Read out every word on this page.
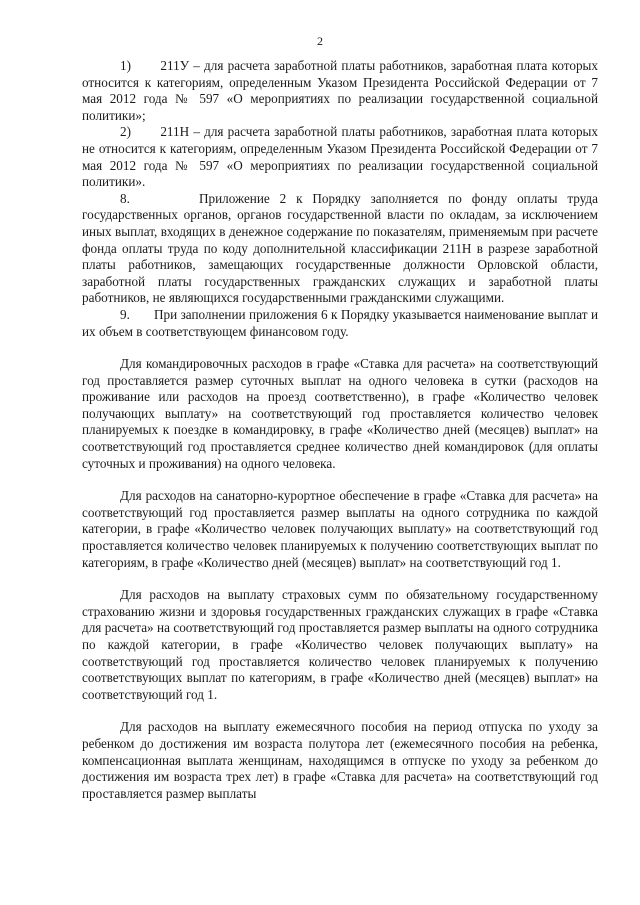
2

1)       211У – для расчета заработной платы работников, заработная плата которых относится к категориям, определенным Указом Президента Российской Федерации от 7 мая 2012 года № 597 «О мероприятиях по реализации государственной социальной политики»;

2)       211Н – для расчета заработной платы работников, заработная плата которых не относится к категориям, определенным Указом Президента Российской Федерации от 7 мая 2012 года № 597 «О мероприятиях по реализации государственной социальной политики».

8.       Приложение 2 к Порядку заполняется по фонду оплаты труда государственных органов, органов государственной власти по окладам, за исключением иных выплат, входящих в денежное содержание по показателям, применяемым при расчете фонда оплаты труда по коду дополнительной классификации 211Н в разрезе заработной платы работников, замещающих государственные должности Орловской области, заработной платы государственных гражданских служащих и заработной платы работников, не являющихся государственными гражданскими служащими.

9.       При заполнении приложения 6 к Порядку указывается наименование выплат и их объем в соответствующем финансовом году.

Для командировочных расходов в графе «Ставка для расчета» на соответствующий год проставляется размер суточных выплат на одного человека в сутки (расходов на проживание или расходов на проезд соответственно), в графе «Количество человек получающих выплату» на соответствующий год проставляется количество человек планируемых к поездке в командировку, в графе «Количество дней (месяцев) выплат» на соответствующий год проставляется среднее количество дней командировок (для оплаты суточных и проживания) на одного человека.

Для расходов на санаторно-курортное обеспечение в графе «Ставка для расчета» на соответствующий год проставляется размер выплаты на одного сотрудника по каждой категории, в графе «Количество человек получающих выплату» на соответствующий год проставляется количество человек планируемых к получению соответствующих выплат по категориям, в графе «Количество дней (месяцев) выплат» на соответствующий год 1.

Для расходов на выплату страховых сумм по обязательному государственному страхованию жизни и здоровья государственных гражданских служащих в графе «Ставка для расчета» на соответствующий год проставляется размер выплаты на одного сотрудника по каждой категории, в графе «Количество человек получающих выплату» на соответствующий год проставляется количество человек планируемых к получению соответствующих выплат по категориям, в графе «Количество дней (месяцев) выплат» на соответствующий год 1.

Для расходов на выплату ежемесячного пособия на период отпуска по уходу за ребенком до достижения им возраста полутора лет (ежемесячного пособия на ребенка, компенсационная выплата женщинам, находящимся в отпуске по уходу за ребенком до достижения им возраста трех лет) в графе «Ставка для расчета» на соответствующий год проставляется размер выплаты
